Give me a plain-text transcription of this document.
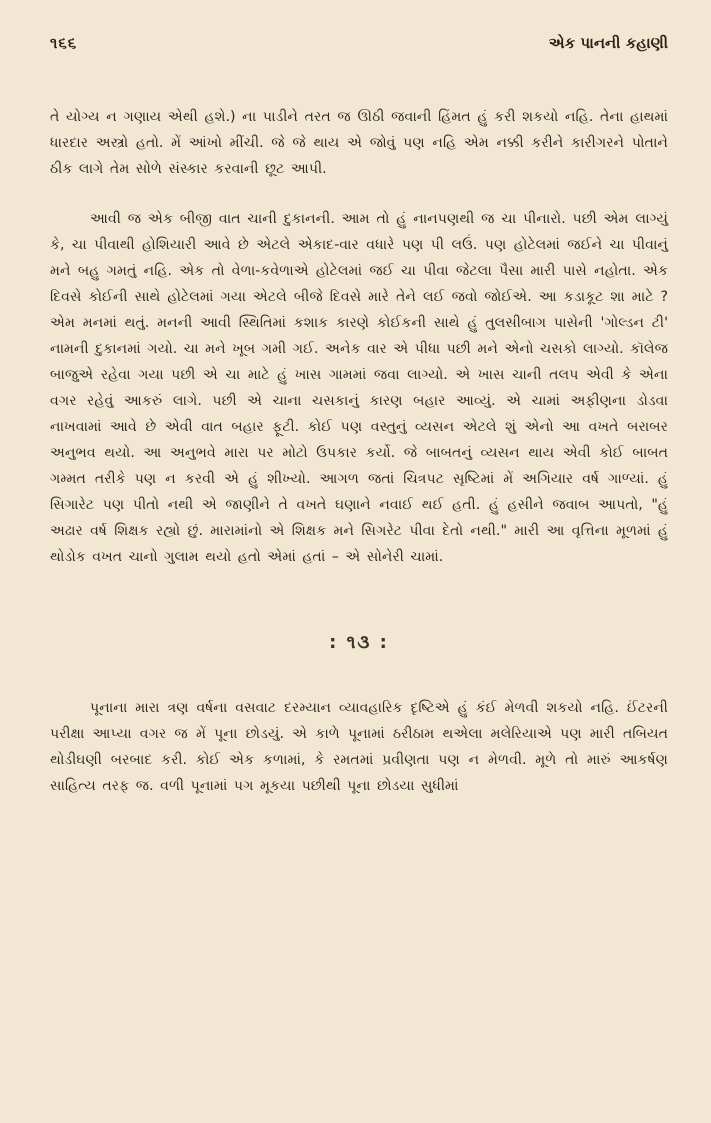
૧૬૬	એક પાનની કહાણી

તે યોગ્ય ન ગણાય એથી હશે.) ના પાડીને તરત જ ઊઠી જવાની હિંમત હું કરી શકયો નહિ. તેના હાથમાં ધારદાર અસ્ત્રો હતો. મેં આંખો મીંચી. જે જે થાય એ જોવું પણ નહિ એમ નક્કી કરીને કારીગરને પોતાને ઠીક લાગે તેમ સોળે સંસ્કાર કરવાની છૂટ આપી.

આવી જ એક બીજી વાત ચાની દુકાનની. આમ તો હું નાનપણથી જ ચા પીનારો. પછી એમ લાગ્યું કે, ચા પીવાથી હોશિયારી આવે છે એટલે એકાદ-વાર વધારે પણ પી લઉં. પણ હોટેલમાં જઈને ચા પીવાનું મને બહુ ગમતું નહિ. એક તો વેળા-કવેળાએ હોટેલમાં જઈ ચા પીવા જેટલા પૈસા મારી પાસે નહોતા. એક દિવસે કોઈની સાથે હોટેલમાં ગયા એટલે બીજે દિવસે મારે તેને લઈ જવો જોઈએ. આ કડાકૂટ શા માટે ? એમ મનમાં થતું. મનની આવી સ્થિતિમાં કશાક કારણે કોઈકની સાથે હું તુલસીબાગ પાસેની 'ગોલ્ડન ટી' નામની દુકાનમાં ગયો. ચા મને ખૂબ ગમી ગઈ. અનેક વાર એ પીધા પછી મને એનો ચસકો લાગ્યો. કૉલેજ બાજુએ રહેવા ગયા પછી એ ચા માટે હું ખાસ ગામમાં જવા લાગ્યો. એ ખાસ ચાની તલપ એવી કે એના વગર રહેવું આકરું લાગે. પછી એ ચાના ચસકાનું કારણ બહાર આવ્યું. એ ચામાં અફીણના ડોડવા નાખવામાં આવે છે એવી વાત બહાર ફૂટી. કોઈ પણ વસ્તુનું વ્યસન એટલે શું એનો આ વખતે બરાબર અનુભવ થયો. આ અનુભવે મારા પર મોટો ઉપકાર કર્યો. જે બાબતનું વ્યસન થાય એવી કોઈ બાબત ગમ્મત તરીકે પણ ન કરવી એ હું શીખ્યો. આગળ જતાં ચિત્રપટ સૃષ્ટિમાં મેં અગિયાર વર્ષ ગાળ્યાં. હું સિગારેટ પણ પીતો નથી એ જાણીને તે વખતે ઘણાને નવાઈ થઈ હતી. હું હસીને જવાબ આપતો, "હું અઢાર વર્ષ શિક્ષક રહ્યો છું. મારામાંનો એ શિક્ષક મને સિગરેટ પીવા દેતો નથી." મારી આ વૃત્તિના મૂળમાં હું થોડોક વખત ચાનો ગુલામ થયો હતો એમાં હતાં – એ સોનેરી ચામાં.

: ૧૩ :

પૂનાના મારા ત્રણ વર્ષના વસવાટ દરમ્યાન વ્યાવહારિક દૃષ્ટિએ હું કંઈ મેળવી શકયો નહિ. ઈંટરની પરીક્ષા આપ્યા વગર જ મેં પૂના છોડયું. એ કાળે પૂનામાં ઠરીઠામ થએલા મલેરિયાએ પણ મારી તબિયત થોડીઘણી બરબાદ કરી. કોઈ એક કળામાં, કે રમતમાં પ્રવીણતા પણ ન મેળવી. મૂળે તો મારું આકર્ષણ સાહિત્ય તરફ જ. વળી પૂનામાં પગ મૂકયા પછીથી પૂના છોડયા સુધીમાં
